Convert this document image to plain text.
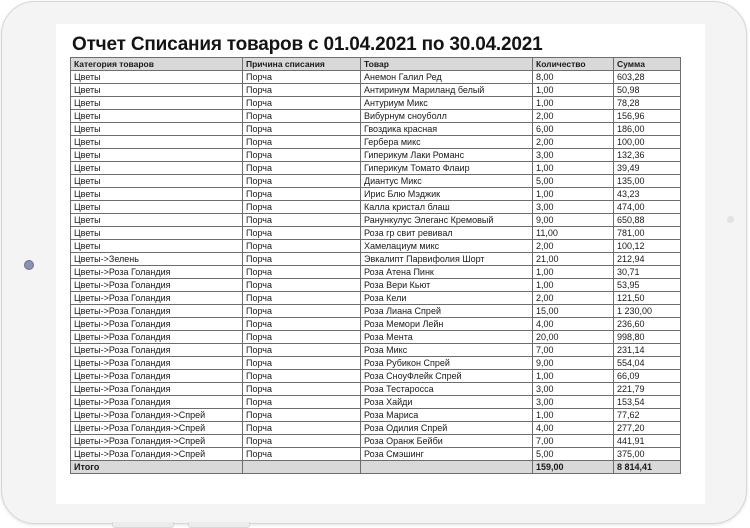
Отчет Списания товаров с 01.04.2021 по 30.04.2021
Категория товаров	Причина списания	Товар	Количество	Сумма
Цветы	Порча	Анемон Галил Ред	8,00	603,28
Цветы	Порча	Антиринум Мариланд белый	1,00	50,98
Цветы	Порча	Антуриум Микс	1,00	78,28
Цветы	Порча	Вибурнум сноуболл	2,00	156,96
Цветы	Порча	Гвоздика красная	6,00	186,00
Цветы	Порча	Гербера микс	2,00	100,00
Цветы	Порча	Гиперикум Лаки Романс	3,00	132,36
Цветы	Порча	Гиперикум Томато Флаир	1,00	39,49
Цветы	Порча	Диантус Микс	5,00	135,00
Цветы	Порча	Ирис Блю Мэджик	1,00	43,23
Цветы	Порча	Калла кристал блаш	3,00	474,00
Цветы	Порча	Ранункулус Элеганс Кремовый	9,00	650,88
Цветы	Порча	Роза гр свит ревивал	11,00	781,00
Цветы	Порча	Хамелациум микс	2,00	100,12
Цветы->Зелень	Порча	Эвкалипт Парвифолия Шорт	21,00	212,94
Цветы->Роза Голандия	Порча	Роза Атена Пинк	1,00	30,71
Цветы->Роза Голандия	Порча	Роза Вери Кьют	1,00	53,95
Цветы->Роза Голандия	Порча	Роза Кели	2,00	121,50
Цветы->Роза Голандия	Порча	Роза Лиана Спрей	15,00	1 230,00
Цветы->Роза Голандия	Порча	Роза Мемори Лейн	4,00	236,60
Цветы->Роза Голандия	Порча	Роза Мента	20,00	998,80
Цветы->Роза Голандия	Порча	Роза Микс	7,00	231,14
Цветы->Роза Голандия	Порча	Роза Рубикон Спрей	9,00	554,04
Цветы->Роза Голандия	Порча	Роза СноуФлейк Спрей	1,00	66,09
Цветы->Роза Голандия	Порча	Роза Тестаросса	3,00	221,79
Цветы->Роза Голандия	Порча	Роза Хайди	3,00	153,54
Цветы->Роза Голандия->Спрей	Порча	Роза Мариса	1,00	77,62
Цветы->Роза Голандия->Спрей	Порча	Роза Одилия Спрей	4,00	277,20
Цветы->Роза Голандия->Спрей	Порча	Роза Оранж Бейби	7,00	441,91
Цветы->Роза Голандия->Спрей	Порча	Роза Смэшинг	5,00	375,00
Итого			159,00	8 814,41
